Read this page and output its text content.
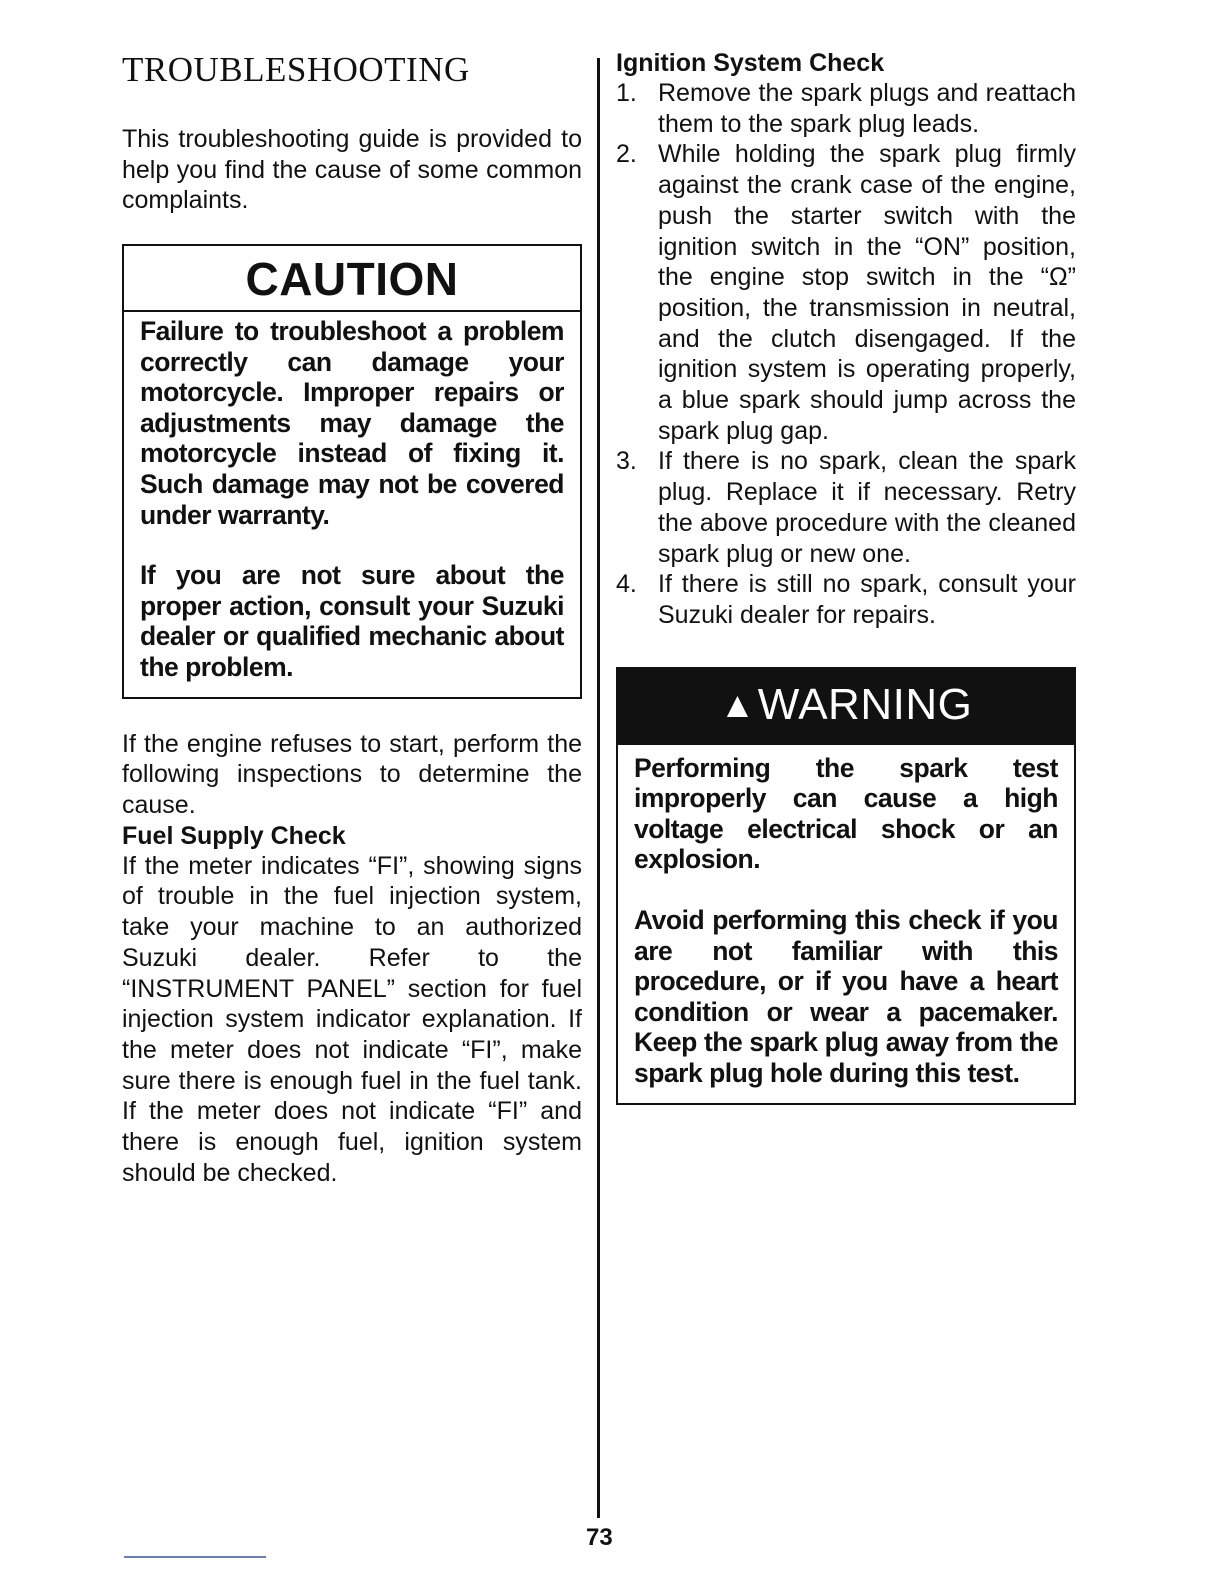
TROUBLESHOOTING

This troubleshooting guide is provided to help you find the cause of some common complaints.

CAUTION

Failure to troubleshoot a problem correctly can damage your motorcycle. Improper repairs or adjustments may damage the motorcycle instead of fixing it. Such damage may not be covered under warranty.

If you are not sure about the proper action, consult your Suzuki dealer or qualified mechanic about the problem.

If the engine refuses to start, perform the following inspections to determine the cause.

Fuel Supply Check

If the meter indicates “FI”, showing signs of trouble in the fuel injection system, take your machine to an authorized Suzuki dealer. Refer to the “INSTRUMENT PANEL” section for fuel injection system indicator explanation. If the meter does not indicate “FI”, make sure there is enough fuel in the fuel tank. If the meter does not indicate “FI” and there is enough fuel, ignition system should be checked.

Ignition System Check
1. Remove the spark plugs and reattach them to the spark plug leads.
2. While holding the spark plug firmly against the crank case of the engine, push the starter switch with the ignition switch in the “ON” position, the engine stop switch in the “Ω” position, the transmission in neutral, and the clutch disengaged. If the ignition system is operating properly, a blue spark should jump across the spark plug gap.
3. If there is no spark, clean the spark plug. Replace it if necessary. Retry the above procedure with the cleaned spark plug or new one.
4. If there is still no spark, consult your Suzuki dealer for repairs.
▲WARNING

Performing the spark test improperly can cause a high voltage electrical shock or an explosion.

Avoid performing this check if you are not familiar with this procedure, or if you have a heart condition or wear a pacemaker. Keep the spark plug away from the spark plug hole during this test.

73
